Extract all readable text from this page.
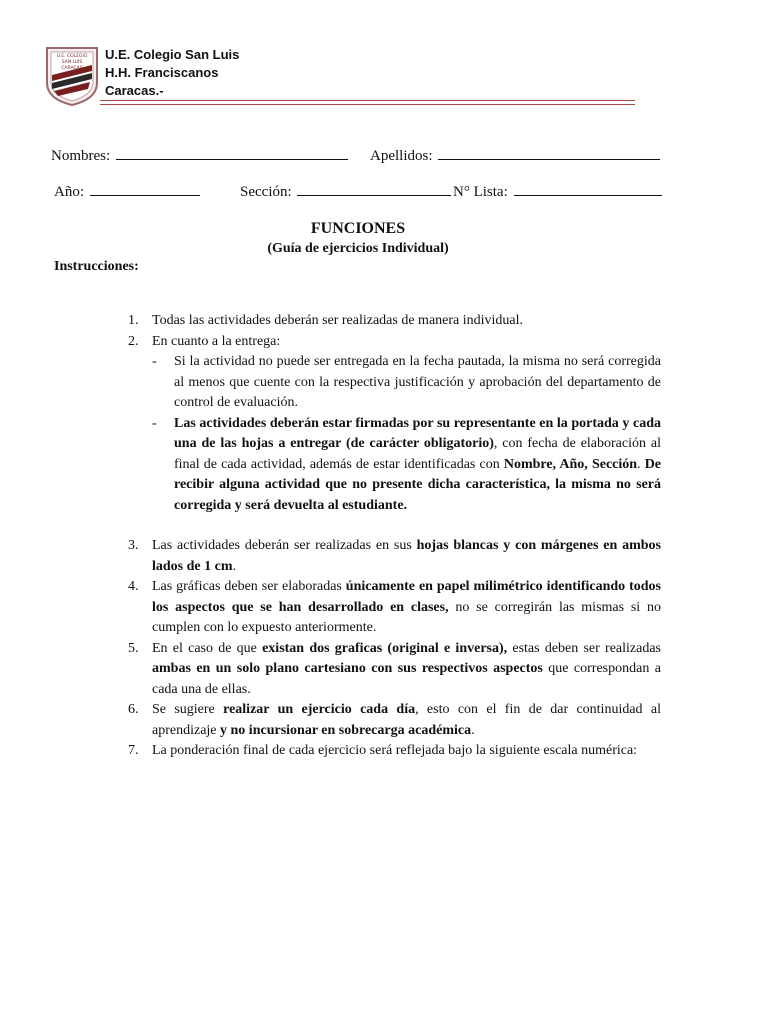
U.E. COLEGIO
SAN LUIS
CARACAS
U.E. Colegio San Luis
H.H. Franciscanos
Caracas.-
Nombres:	Apellidos:
Año:	Sección:	N° Lista:
FUNCIONES
(Guía de ejercicios Individual)
Instrucciones:
1. Todas las actividades deberán ser realizadas de manera individual.
2. En cuanto a la entrega:
- Si la actividad no puede ser entregada en la fecha pautada, la misma no será corregida al menos que cuente con la respectiva justificación y aprobación del departamento de control de evaluación.
- Las actividades deberán estar firmadas por su representante en la portada y cada una de las hojas a entregar (de carácter obligatorio), con fecha de elaboración al final de cada actividad, además de estar identificadas con Nombre, Año, Sección. De recibir alguna actividad que no presente dicha característica, la misma no será corregida y será devuelta al estudiante.
3. Las actividades deberán ser realizadas en sus hojas blancas y con márgenes en ambos lados de 1 cm.
4. Las gráficas deben ser elaboradas únicamente en papel milimétrico identificando todos los aspectos que se han desarrollado en clases, no se corregirán las mismas si no cumplen con lo expuesto anteriormente.
5. En el caso de que existan dos graficas (original e inversa), estas deben ser realizadas ambas en un solo plano cartesiano con sus respectivos aspectos que correspondan a cada una de ellas.
6. Se sugiere realizar un ejercicio cada día, esto con el fin de dar continuidad al aprendizaje y no incursionar en sobrecarga académica.
7. La ponderación final de cada ejercicio será reflejada bajo la siguiente escala numérica:
